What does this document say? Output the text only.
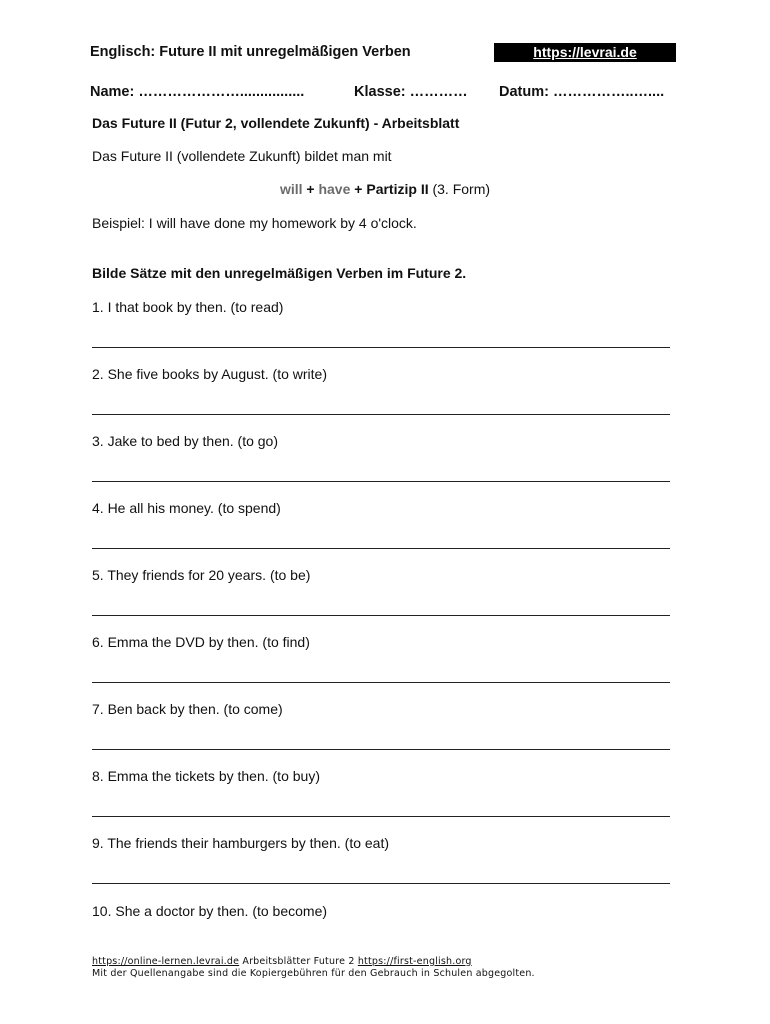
Englisch: Future II mit unregelmäßigen Verben	https://levrai.de
Name: …………………................	Klasse: ………… Datum: ……………..…....
Das Future II (Futur 2, vollendete Zukunft) - Arbeitsblatt
Das Future II (vollendete Zukunft) bildet man mit
will + have + Partizip II (3. Form)
Beispiel: I will have done my homework by 4 o'clock.
Bilde Sätze mit den unregelmäßigen Verben im Future 2.
1. I that book by then. (to read)
2. She five books by August. (to write)
3. Jake to bed by then. (to go)
4. He all his money. (to spend)
5. They friends for 20 years. (to be)
6. Emma the DVD by then. (to find)
7. Ben back by then. (to come)
8. Emma the tickets by then. (to buy)
9. The friends their hamburgers by then. (to eat)
10. She a doctor by then. (to become)
https://online-lernen.levrai.de Arbeitsblätter Future 2 https://first-english.org
Mit der Quellenangabe sind die Kopiergebühren für den Gebrauch in Schulen abgegolten.
